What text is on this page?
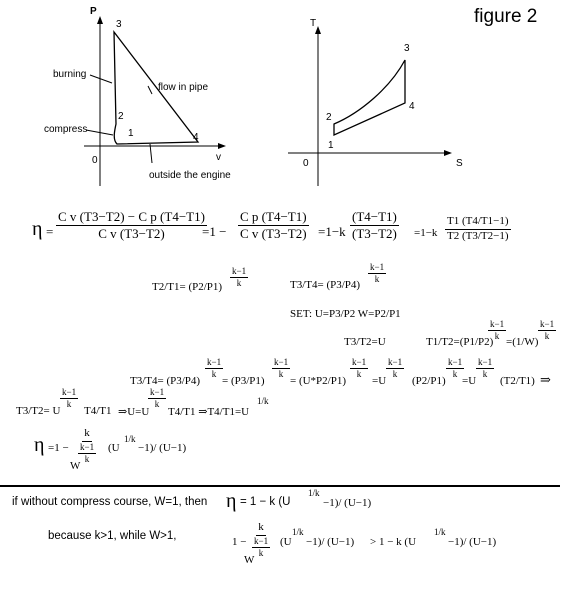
figure 2
P
v
0
3
2
1	4
burning
compress
flow in pipe
outside the engine
T
S
0
1
2
3
4
$\eta = \frac{\text{C v (T3−T2) − C p (T4−T1)}}{\text{C v (T3−T2)}}$
$=1 - \frac{\text{C p (T4−T1)}}{\text{C v (T3−T2)}} =1-k \frac{(T4-T1)}{(T3-T2)} =1-k \frac{T1 (T4/T1-1)}{T2 (T3/T2-1)}$
$T2/T1= (P2/P1) \frac{k-1}{k}$	T3/T4= (P3/P4)
$\frac{k-1}{k}$
SET: U=P3/P2 W=P2/P1
T3/T2=U	T1/T2=(P1/P2)
$\frac{k-1}{k}$
=(1/W)
$\frac{k-1}{k}$
T3/T4= (P3/P4)
$\frac{k-1}{k}$
= (P3/P1)
$\frac{k-1}{k}$
= (U*P2/P1)
$\frac{k-1}{k}$
=U
$\frac{k-1}{k}$
(P2/P1)
$\frac{k-1}{k}$
=U
$\frac{k-1}{k}$
(T2/T1) ⇒
T3/T2= U
$\frac{k-1}{k}$
T4/T1 ⇒U=U
$\frac{k-1}{k}$
T4/T1 ⇒T4/T1=U
1/k
η =1 − k
k−1
k
W
(U
1/k
−1)/ (U−1)
if without compress course, W=1, then η = 1 − k (U
1/k
−1)/ (U−1)
because k>1, while W>1,	1 − k
k−1
k
W
(U
1/k
−1)/ (U−1) > 1 − k (U
1/k
−1)/ (U−1)
